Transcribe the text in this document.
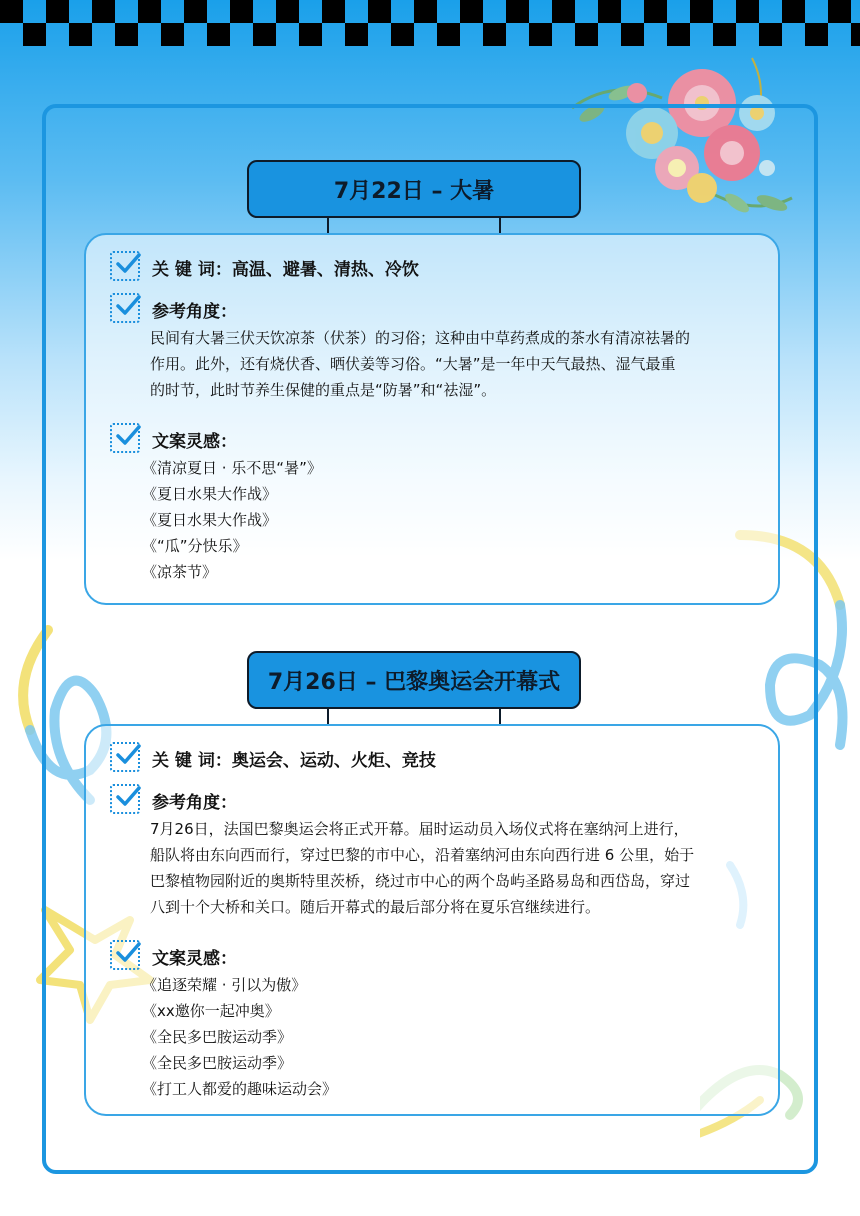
7月22日 – 大暑
关 键 词：高温、避暑、清热、冷饮
参考角度：
民间有大暑三伏天饮凉茶（伏茶）的习俗；这种由中草药煮成的茶水有清凉祛暑的
作用。此外，还有烧伏香、晒伏姜等习俗。“大暑”是一年中天气最热、湿气最重
的时节，此时节养生保健的重点是“防暑”和“祛湿”。
文案灵感：
《清凉夏日 · 乐不思“暑”》
《夏日水果大作战》
《夏日水果大作战》
《“瓜”分快乐》
《凉茶节》
7月26日 – 巴黎奥运会开幕式
关 键 词：奥运会、运动、火炬、竞技
参考角度：
7月26日，法国巴黎奥运会将正式开幕。届时运动员入场仪式将在塞纳河上进行，
船队将由东向西而行，穿过巴黎的市中心，沿着塞纳河由东向西行进 6 公里，始于
巴黎植物园附近的奥斯特里茨桥，绕过市中心的两个岛屿圣路易岛和西岱岛，穿过
八到十个大桥和关口。随后开幕式的最后部分将在夏乐宫继续进行。
文案灵感：
《追逐荣耀 · 引以为傲》
《xx邀你一起冲奥》
《全民多巴胺运动季》
《全民多巴胺运动季》
《打工人都爱的趣味运动会》
